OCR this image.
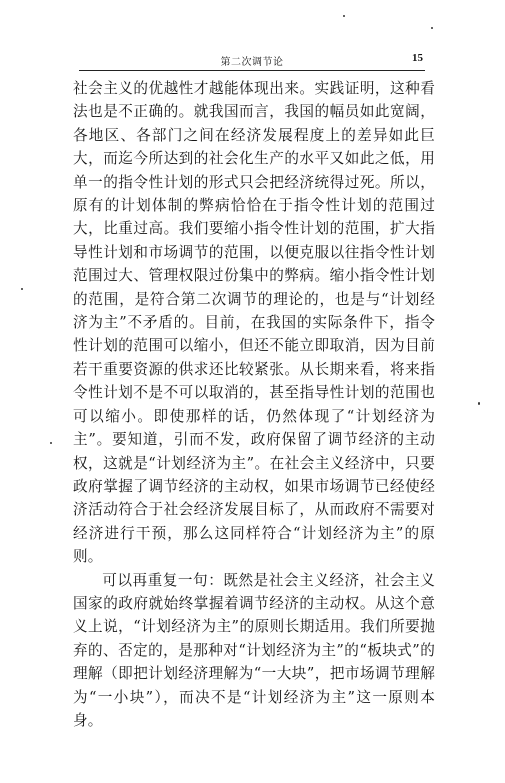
第二次调节论	15

社会主义的优越性才越能体现出来。实践证明，这种看法也是不正确的。就我国而言，我国的幅员如此宽阔，各地区、各部门之间在经济发展程度上的差异如此巨大，而迄今所达到的社会化生产的水平又如此之低，用单一的指令性计划的形式只会把经济统得过死。所以，原有的计划体制的弊病恰恰在于指令性计划的范围过大，比重过高。我们要缩小指令性计划的范围，扩大指导性计划和市场调节的范围，以便克服以往指令性计划范围过大、管理权限过份集中的弊病。缩小指令性计划的范围，是符合第二次调节的理论的，也是与“计划经济为主”不矛盾的。目前，在我国的实际条件下，指令性计划的范围可以缩小，但还不能立即取消，因为目前若干重要资源的供求还比较紧张。从长期来看，将来指令性计划不是不可以取消的，甚至指导性计划的范围也可以缩小。即使那样的话，仍然体现了“计划经济为主”。要知道，引而不发，政府保留了调节经济的主动权，这就是“计划经济为主”。在社会主义经济中，只要政府掌握了调节经济的主动权，如果市场调节已经使经济活动符合于社会经济发展目标了，从而政府不需要对经济进行干预，那么这同样符合“计划经济为主”的原则。

可以再重复一句：既然是社会主义经济，社会主义国家的政府就始终掌握着调节经济的主动权。从这个意义上说，“计划经济为主”的原则长期适用。我们所要抛弃的、否定的，是那种对“计划经济为主”的“板块式”的理解（即把计划经济理解为“一大块”，把市场调节理解为“一小块”），而决不是“计划经济为主”这一原则本身。
